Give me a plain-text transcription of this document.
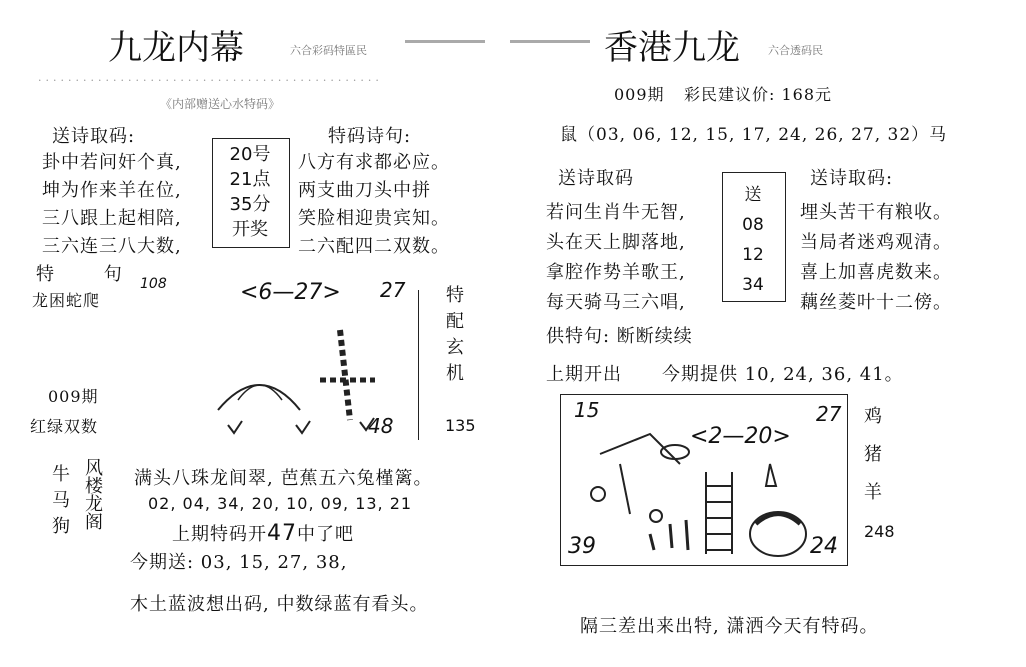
九龙内幕	六合彩码特區民
··············································
《内部赠送心水特码》
送诗取码:	特码诗句:
卦中若问奸个真,
坤为作来羊在位,
三八跟上起相陪,
三六连三八大数,
20号
21点
35分
开奖
八方有求都必应。
两支曲刀头中拼
笑脸相迎贵宾知。
二六配四二双数。
特 句
龙困蛇爬
108	<6—27> 27
48
特配玄机
135
009期
红绿双数
牛
马
狗 风楼龙阁 满头八珠龙间翠, 芭蕉五六兔槿篱。
02, 04, 34, 20, 10, 09, 13, 21
上期特码开47中了吧
今期送: 03, 15, 27, 38,
木土蓝波想出码, 中数绿蓝有看头。
香港九龙	六合透码民
009期 彩民建议价: 168元
鼠（03, 06, 12, 15, 17, 24, 26, 27, 32）马
送诗取码	送诗取码:
若问生肖牛无智,
头在天上脚落地,
拿腔作势羊歌王,
每天骑马三六唱,
送
08
12
34
埋头苦干有粮收。
当局者迷鸡观清。
喜上加喜虎数来。
藕丝菱叶十二傍。
供特句: 断断续续
上期开出 今期提供 10, 24, 36, 41。
15	27
<2—20>
39	24
鸡
猪
羊
248
隔三差出来出特, 潇洒今天有特码。
